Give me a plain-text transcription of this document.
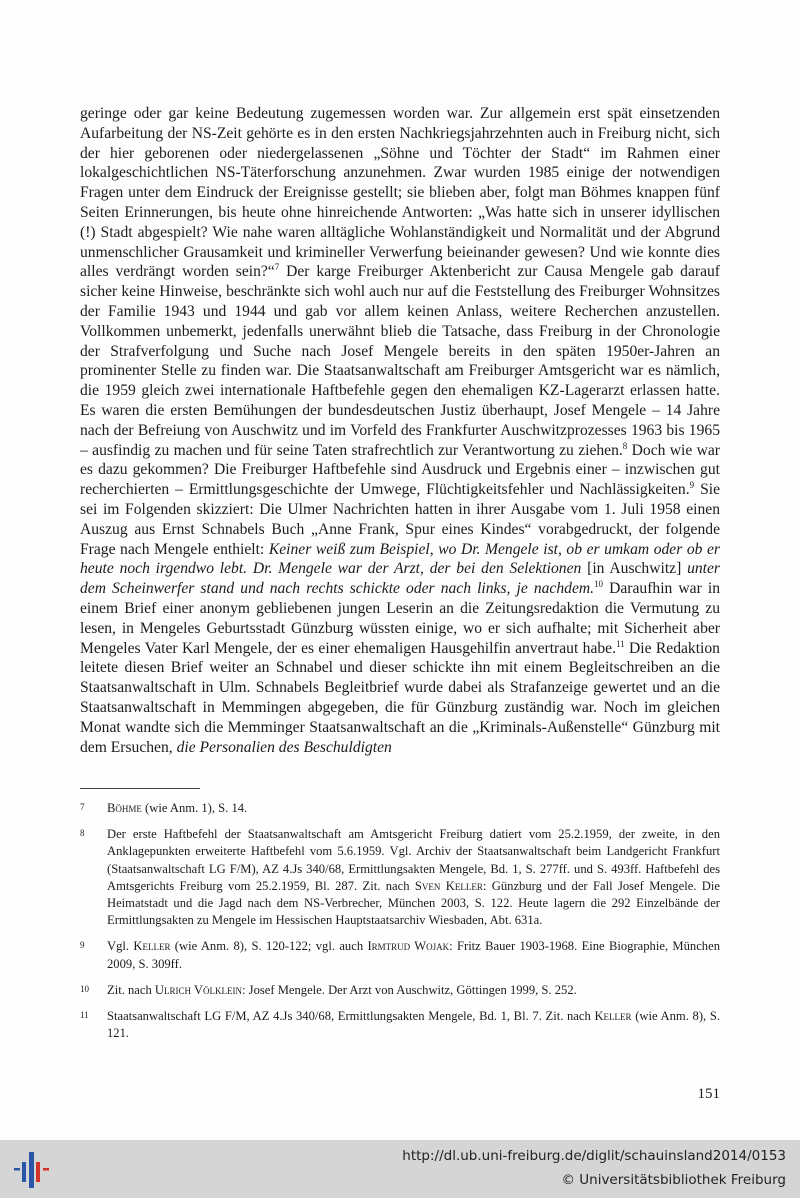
geringe oder gar keine Bedeutung zugemessen worden war. Zur allgemein erst spät einsetzenden Aufarbeitung der NS-Zeit gehörte es in den ersten Nachkriegsjahrzehnten auch in Freiburg nicht, sich der hier geborenen oder niedergelassenen „Söhne und Töchter der Stadt“ im Rahmen einer lokalgeschichtlichen NS-Täterforschung anzunehmen. Zwar wurden 1985 einige der notwendigen Fragen unter dem Eindruck der Ereignisse gestellt; sie blieben aber, folgt man Böhmes knappen fünf Seiten Erinnerungen, bis heute ohne hinreichende Antworten: „Was hatte sich in unserer idyllischen (!) Stadt abgespielt? Wie nahe waren alltägliche Wohlanständigkeit und Normalität und der Abgrund unmenschlicher Grausamkeit und krimineller Verwerfung beieinander gewesen? Und wie konnte dies alles verdrängt worden sein?“$^7$ Der karge Freiburger Aktenbericht zur Causa Mengele gab darauf sicher keine Hinweise, beschränkte sich wohl auch nur auf die Feststellung des Freiburger Wohnsitzes der Familie 1943 und 1944 und gab vor allem keinen Anlass, weitere Recherchen anzustellen. Vollkommen unbemerkt, jedenfalls unerwähnt blieb die Tatsache, dass Freiburg in der Chronologie der Strafverfolgung und Suche nach Josef Mengele bereits in den späten 1950er-Jahren an prominenter Stelle zu finden war. Die Staatsanwaltschaft am Freiburger Amtsgericht war es nämlich, die 1959 gleich zwei internationale Haftbefehle gegen den ehemaligen KZ-Lagerarzt erlassen hatte. Es waren die ersten Bemühungen der bundesdeutschen Justiz überhaupt, Josef Mengele – 14 Jahre nach der Befreiung von Auschwitz und im Vorfeld des Frankfurter Auschwitzprozesses 1963 bis 1965 – ausfindig zu machen und für seine Taten strafrechtlich zur Verantwortung zu ziehen.$^8$ Doch wie war es dazu gekommen? Die Freiburger Haftbefehle sind Ausdruck und Ergebnis einer – inzwischen gut recherchierten – Ermittlungsgeschichte der Umwege, Flüchtigkeitsfehler und Nachlässigkeiten.$^9$ Sie sei im Folgenden skizziert: Die Ulmer Nachrichten hatten in ihrer Ausgabe vom 1. Juli 1958 einen Auszug aus Ernst Schnabels Buch „Anne Frank, Spur eines Kindes“ vorabgedruckt, der folgende Frage nach Mengele enthielt: Keiner weiß zum Beispiel, wo Dr. Mengele ist, ob er umkam oder ob er heute noch irgendwo lebt. Dr. Mengele war der Arzt, der bei den Selektionen [in Auschwitz] unter dem Scheinwerfer stand und nach rechts schickte oder nach links, je nachdem.$^{10}$ Daraufhin war in einem Brief einer anonym gebliebenen jungen Leserin an die Zeitungsredaktion die Vermutung zu lesen, in Mengeles Geburtsstadt Günzburg wüssten einige, wo er sich aufhalte; mit Sicherheit aber Mengeles Vater Karl Mengele, der es einer ehemaligen Hausgehilfin anvertraut habe.$^{11}$ Die Redaktion leitete diesen Brief weiter an Schnabel und dieser schickte ihn mit einem Begleitschreiben an die Staatsanwaltschaft in Ulm. Schnabels Begleitbrief wurde dabei als Strafanzeige gewertet und an die Staatsanwaltschaft in Memmingen abgegeben, die für Günzburg zuständig war. Noch im gleichen Monat wandte sich die Memminger Staatsanwaltschaft an die „Kriminals-Außenstelle“ Günzburg mit dem Ersuchen, die Personalien des Beschuldigten

7	Böhme (wie Anm. 1), S. 14.
8	Der erste Haftbefehl der Staatsanwaltschaft am Amtsgericht Freiburg datiert vom 25.2.1959, der zweite, in den Anklagepunkten erweiterte Haftbefehl vom 5.6.1959. Vgl. Archiv der Staatsanwaltschaft beim Landgericht Frankfurt (Staatsanwaltschaft LG F/M), AZ 4.Js 340/68, Ermittlungsakten Mengele, Bd. 1, S. 277ff. und S. 493ff. Haftbefehl des Amtsgerichts Freiburg vom 25.2.1959, Bl. 287. Zit. nach Sven Keller: Günzburg und der Fall Josef Mengele. Die Heimatstadt und die Jagd nach dem NS-Verbrecher, München 2003, S. 122. Heute lagern die 292 Einzelbände der Ermittlungsakten zu Mengele im Hessischen Hauptstaatsarchiv Wiesbaden, Abt. 631a.
9	Vgl. Keller (wie Anm. 8), S. 120-122; vgl. auch Irmtrud Wojak: Fritz Bauer 1903-1968. Eine Biographie, München 2009, S. 309ff.
10	Zit. nach Ulrich Völklein: Josef Mengele. Der Arzt von Auschwitz, Göttingen 1999, S. 252.
11	Staatsanwaltschaft LG F/M, AZ 4.Js 340/68, Ermittlungsakten Mengele, Bd. 1, Bl. 7. Zit. nach Keller (wie Anm. 8), S. 121.
151
http://dl.ub.uni-freiburg.de/diglit/schauinsland2014/0153
© Universitätsbibliothek Freiburg
